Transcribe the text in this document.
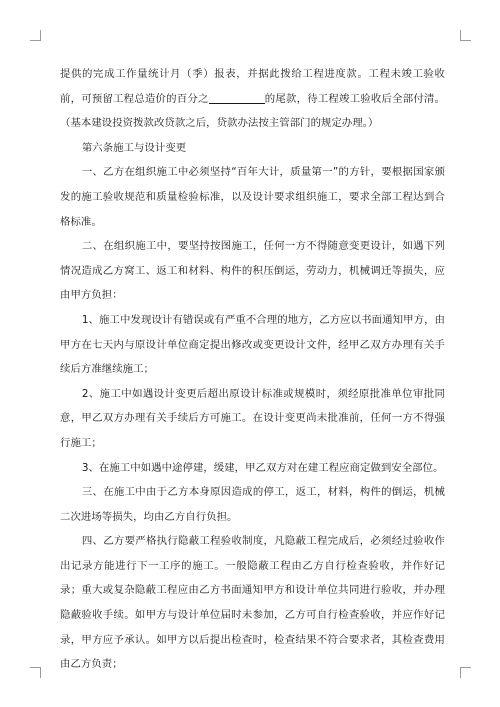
提供的完成工作量统计月（季）报表，并据此拨给工程进度款。工程未竣工验收前，可预留工程总造价的百分之	的尾款，待工程竣工验收后全部付清。（基本建设投资拨款改贷款之后，贷款办法按主管部门的规定办理。）

第六条施工与设计变更

一、乙方在组织施工中必须坚持“百年大计，质量第一”的方针，要根据国家颁发的施工验收规范和质量检验标准，以及设计要求组织施工，要求全部工程达到合格标准。

二、在组织施工中，要坚持按图施工，任何一方不得随意变更设计，如遇下列情况造成乙方窝工、返工和材料、构件的积压倒运，劳动力，机械调迁等损失，应由甲方负担：

1、施工中发现设计有错误或有严重不合理的地方，乙方应以书面通知甲方，由甲方在七天内与原设计单位商定提出修改或变更设计文件，经甲乙双方办理有关手续后方准继续施工；

2、施工中如遇设计变更后超出原设计标准或规模时，须经原批准单位审批同意，甲乙双方办理有关手续后方可施工。在设计变更尚未批准前，任何一方不得强行施工；

3、在施工中如遇中途停建，缓建，甲乙双方对在建工程应商定做到安全部位。

三、在施工中由于乙方本身原因造成的停工，返工，材料，构件的倒运，机械二次进场等损失，均由乙方自行负担。

四、乙方要严格执行隐蔽工程验收制度，凡隐蔽工程完成后，必须经过验收作出记录方能进行下一工序的施工。一般隐蔽工程由乙方自行检查验收，并作好记录；重大或复杂隐蔽工程应由乙方书面通知甲方和设计单位共同进行验收，并办理隐蔽验收手续。如甲方与设计单位届时未参加，乙方可自行检查验收，并应作好记录，甲方应予承认。如甲方以后提出检查时，检查结果不符合要求者，其检查费用由乙方负责；
